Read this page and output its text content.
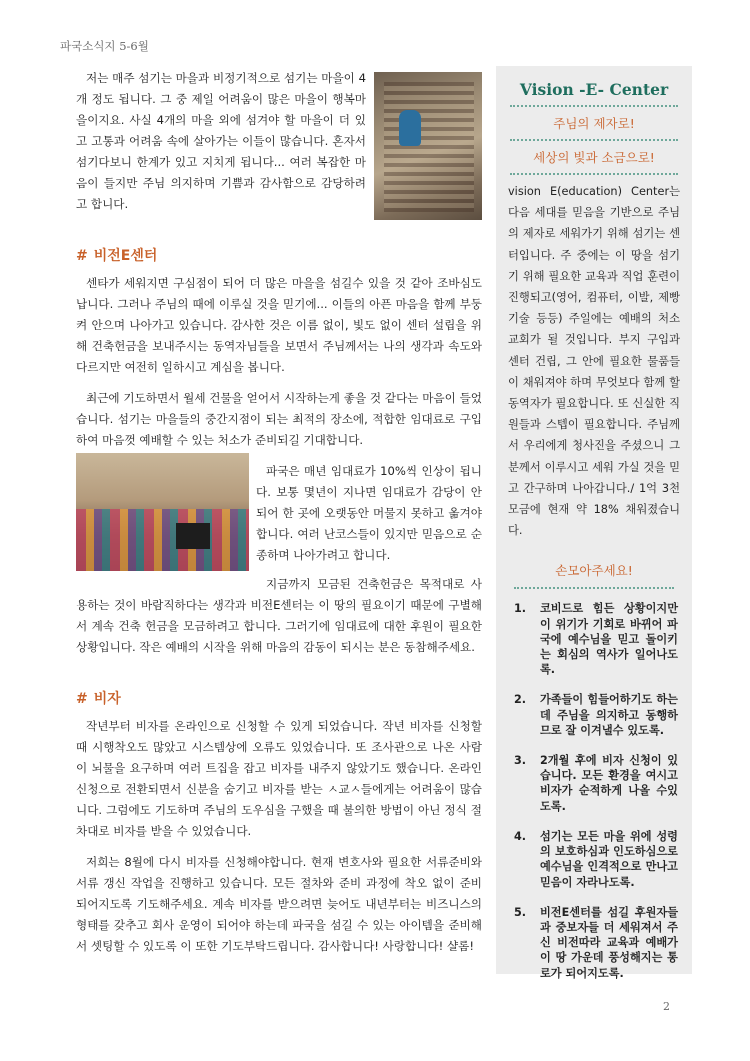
파국소식지 5-6월

저는 매주 섬기는 마을과 비정기적으로 섬기는 마을이 4개 정도 됩니다. 그 중 제일 어려움이 많은 마을이 행복마을이지요. 사실 4개의 마을 외에 섬겨야 할 마을이 더 있고 고통과 어려움 속에 살아가는 이들이 많습니다. 혼자서 섬기다보니 한계가 있고 지치게 됩니다... 여러 복잡한 마음이 들지만 주님 의지하며 기쁨과 감사함으로 감당하려고 합니다.

# 비전E센터

센타가 세워지면 구심점이 되어 더 많은 마을을 섬길수 있을 것 같아 조바심도 납니다. 그러나 주님의 때에 이루실 것을 믿기에... 이들의 아픈 마음을 함께 부둥켜 안으며 나아가고 있습니다. 감사한 것은 이름 없이, 빛도 없이 센터 설립을 위해 건축헌금을 보내주시는 동역자님들을 보면서 주님께서는 나의 생각과 속도와 다르지만 여전히 일하시고 계심을 봅니다.

최근에 기도하면서 월세 건물을 얻어서 시작하는게 좋을 것 같다는 마음이 들었습니다. 섬기는 마을들의 중간지점이 되는 최적의 장소에, 적합한 임대료로 구입하여 마음껏 예배할 수 있는 처소가 준비되길 기대합니다.

파국은 매년 임대료가 10%씩 인상이 됩니다. 보통 몇년이 지나면 임대료가 감당이 안되어 한 곳에 오랫동안 머물지 못하고 옮겨야 합니다. 여러 난코스들이 있지만 믿음으로 순종하며 나아가려고 합니다.

지금까지 모금된 건축헌금은 목적대로 사용하는 것이 바람직하다는 생각과 비전E센터는 이 땅의 필요이기 때문에 구별해서 계속 건축 헌금을 모금하려고 합니다. 그러기에 임대료에 대한 후원이 필요한 상황입니다. 작은 예배의 시작을 위해 마음의 감동이 되시는 분은 동참해주세요.

# 비자

작년부터 비자를 온라인으로 신청할 수 있게 되었습니다. 작년 비자를 신청할 때 시행착오도 많았고 시스템상에 오류도 있었습니다. 또 조사관으로 나온 사람이 뇌물을 요구하며 여러 트집을 잡고 비자를 내주지 않았기도 했습니다. 온라인 신청으로 전환되면서 신분을 숨기고 비자를 받는 ㅅ교ㅅ들에게는 어려움이 많습니다. 그럼에도 기도하며 주님의 도우심을 구했을 때 불의한 방법이 아닌 정식 절차대로 비자를 받을 수 있었습니다.

저희는 8월에 다시 비자를 신청해야합니다. 현재 변호사와 필요한 서류준비와 서류 갱신 작업을 진행하고 있습니다. 모든 절차와 준비 과정에 착오 없이 준비 되어지도록 기도해주세요. 계속 비자를 받으려면 늦어도 내년부터는 비즈니스의 형태를 갖추고 회사 운영이 되어야 하는데 파국을 섬길 수 있는 아이템을 준비해서 셋팅할 수 있도록 이 또한 기도부탁드립니다. 감사합니다! 사랑합니다! 샬롬!

Vision -E- Center
주님의 제자로!
세상의 빛과 소금으로!

vision E(education) Center는 다음 세대를 믿음을 기반으로 주님의 제자로 세워가기 위해 섬기는 센터입니다. 주 중에는 이 땅을 섬기기 위해 필요한 교육과 직업 훈련이 진행되고(영어, 컴퓨터, 이발, 제빵기술 등등) 주일에는 예배의 처소 교회가 될 것입니다. 부지 구입과 센터 건립, 그 안에 필요한 물품들이 채워져야 하며 무엇보다 함께 할 동역자가 필요합니다. 또 신실한 직원들과 스텝이 필요합니다. 주님께서 우리에게 청사진을 주셨으니 그분께서 이루시고 세워 가실 것을 믿고 간구하며 나아갑니다./ 1억 3천 모금에 현재 약 18% 채워졌습니다.

손모아주세요!
1.	코비드로 힘든 상황이지만 이 위기가 기회로 바뀌어 파국에 예수님을 믿고 돌이키는 회심의 역사가 일어나도록.
2.	가족들이 힘들어하기도 하는데 주님을 의지하고 동행하므로 잘 이겨낼수 있도록.
3.	2개월 후에 비자 신청이 있습니다. 모든 환경을 여시고 비자가 순적하게 나올 수있도록.
4.	섬기는 모든 마을 위에 성령의 보호하심과 인도하심으로 예수님을 인격적으로 만나고 믿음이 자라나도록.
5.	비전E센터를 섬길 후원자들과 중보자들 더 세워져서 주신 비전따라 교육과 예배가 이 땅 가운데 풍성해지는 통로가 되어지도록.
2
